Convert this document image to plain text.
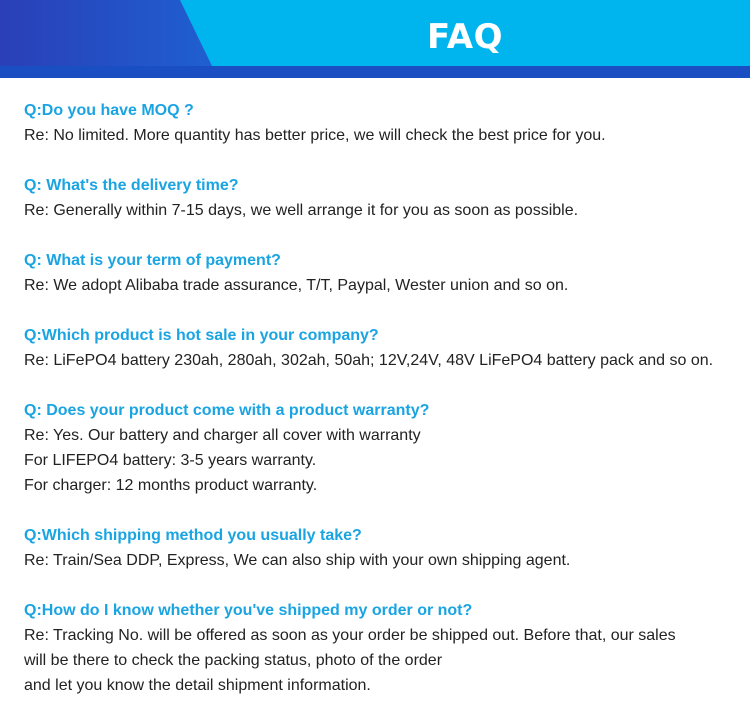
FAQ
Q:Do you have MOQ ?
Re: No limited. More quantity has better price, we will check the best price for you.
Q: What's the delivery time?
Re: Generally within 7-15 days, we well arrange it for you as soon as possible.
Q: What is your term of payment?
Re: We adopt Alibaba trade assurance, T/T, Paypal, Wester union and so on.
Q:Which product is hot sale in your company?
Re: LiFePO4 battery 230ah, 280ah, 302ah, 50ah; 12V,24V, 48V LiFePO4 battery pack and so on.
Q: Does your product come with a product warranty?
Re: Yes. Our battery and charger all cover with warranty
For LIFEPO4 battery: 3-5 years warranty.
For charger: 12 months product warranty.
Q:Which shipping method you usually take?
Re: Train/Sea DDP, Express, We can also ship with your own shipping agent.
Q:How do I know whether you've shipped my order or not?
Re: Tracking No. will be offered as soon as your order be shipped out. Before that, our sales
will be there to check the packing status, photo of the order
and let you know the detail shipment information.
